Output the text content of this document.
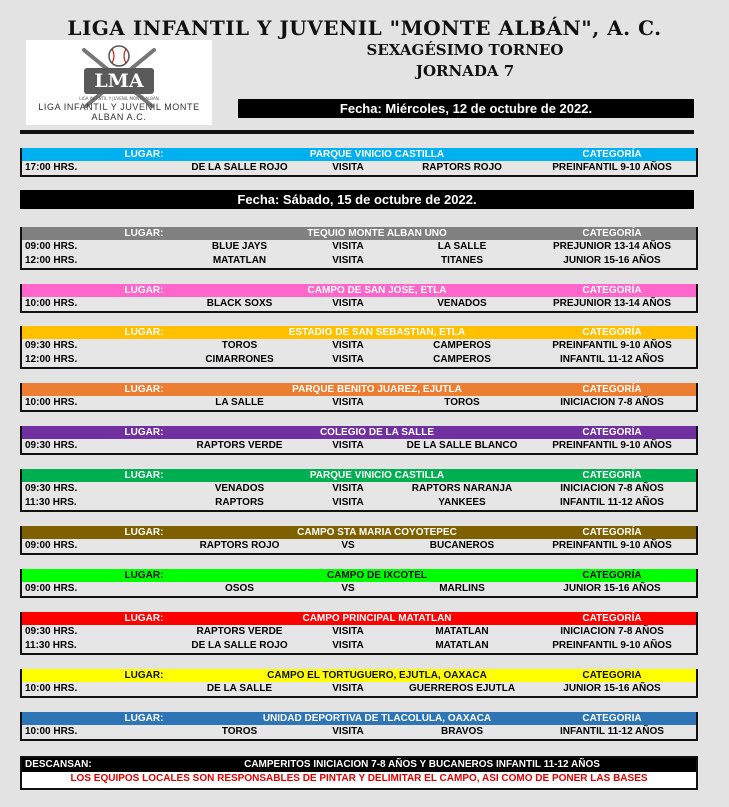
LIGA INFANTIL Y JUVENIL "MONTE ALBÁN", A. C.
SEXAGÉSIMO TORNEO
JORNADA 7
LMA
LIGA INFANTIL Y JUVENIL MONTE ALBAN
LIGA INFANTIL Y JUVENIL MONTE ALBAN A.C.
Fecha: Miércoles, 12 de octubre de 2022.
LUGAR:	PARQUE VINICIO CASTILLA	CATEGORÍA
17:00 HRS.	DE LA SALLE ROJO	VISITA	RAPTORS ROJO	PREINFANTIL 9-10 AÑOS
LUGAR:	TEQUIO MONTE ALBAN UNO	CATEGORÍA
09:00 HRS.	BLUE JAYS	VISITA	LA SALLE	PREJUNIOR 13-14 AÑOS
12:00 HRS.	MATATLAN	VISITA	TITANES	JUNIOR 15-16 AÑOS
LUGAR:	CAMPO DE SAN JOSE, ETLA	CATEGORÍA
10:00 HRS.	BLACK SOXS	VISITA	VENADOS	PREJUNIOR 13-14 AÑOS
LUGAR:	ESTADIO DE SAN SEBASTIAN, ETLA	CATEGORÍA
09:30 HRS.	TOROS	VISITA	CAMPEROS	PREINFANTIL 9-10 AÑOS
12:00 HRS.	CIMARRONES	VISITA	CAMPEROS	INFANTIL 11-12 AÑOS
LUGAR:	PARQUE BENITO JUAREZ, EJUTLA	CATEGORÍA
10:00 HRS.	LA SALLE	VISITA	TOROS	INICIACION 7-8 AÑOS
LUGAR:	COLEGIO DE LA SALLE	CATEGORÍA
09:30 HRS.	RAPTORS VERDE	VISITA	DE LA SALLE BLANCO	PREINFANTIL 9-10 AÑOS
LUGAR:	PARQUE VINICIO CASTILLA	CATEGORÍA
09:30 HRS.	VENADOS	VISITA	RAPTORS NARANJA	INICIACION 7-8 AÑOS
11:30 HRS.	RAPTORS	VISITA	YANKEES	INFANTIL 11-12 AÑOS
LUGAR:	CAMPO STA MARIA COYOTEPEC	CATEGORÍA
09:00 HRS.	RAPTORS ROJO	VS	BUCANEROS	PREINFANTIL 9-10 AÑOS
LUGAR:	CAMPO DE IXCOTEL	CATEGORÍA
09:00 HRS.	OSOS	VS	MARLINS	JUNIOR 15-16 AÑOS
LUGAR:	CAMPO PRINCIPAL MATATLAN	CATEGORÍA
09:30 HRS.	RAPTORS VERDE	VISITA	MATATLAN	INICIACION 7-8 AÑOS
11:30 HRS.	DE LA SALLE ROJO	VISITA	MATATLAN	PREINFANTIL 9-10 AÑOS
LUGAR:	CAMPO EL TORTUGUERO, EJUTLA, OAXACA	CATEGORIA
10:00 HRS.	DE LA SALLE	VISITA	GUERREROS EJUTLA	JUNIOR 15-16 AÑOS
LUGAR:	UNIDAD DEPORTIVA DE TLACOLULA, OAXACA	CATEGORIA
10:00 HRS.	TOROS	VISITA	BRAVOS	INFANTIL 11-12 AÑOS
Fecha: Sábado, 15 de octubre de 2022.
DESCANSAN:	CAMPERITOS INICIACION 7-8 AÑOS Y BUCANEROS INFANTIL 11-12 AÑOS
LOS EQUIPOS LOCALES SON RESPONSABLES DE PINTAR Y DELIMITAR EL CAMPO, ASI COMO DE PONER LAS BASES
